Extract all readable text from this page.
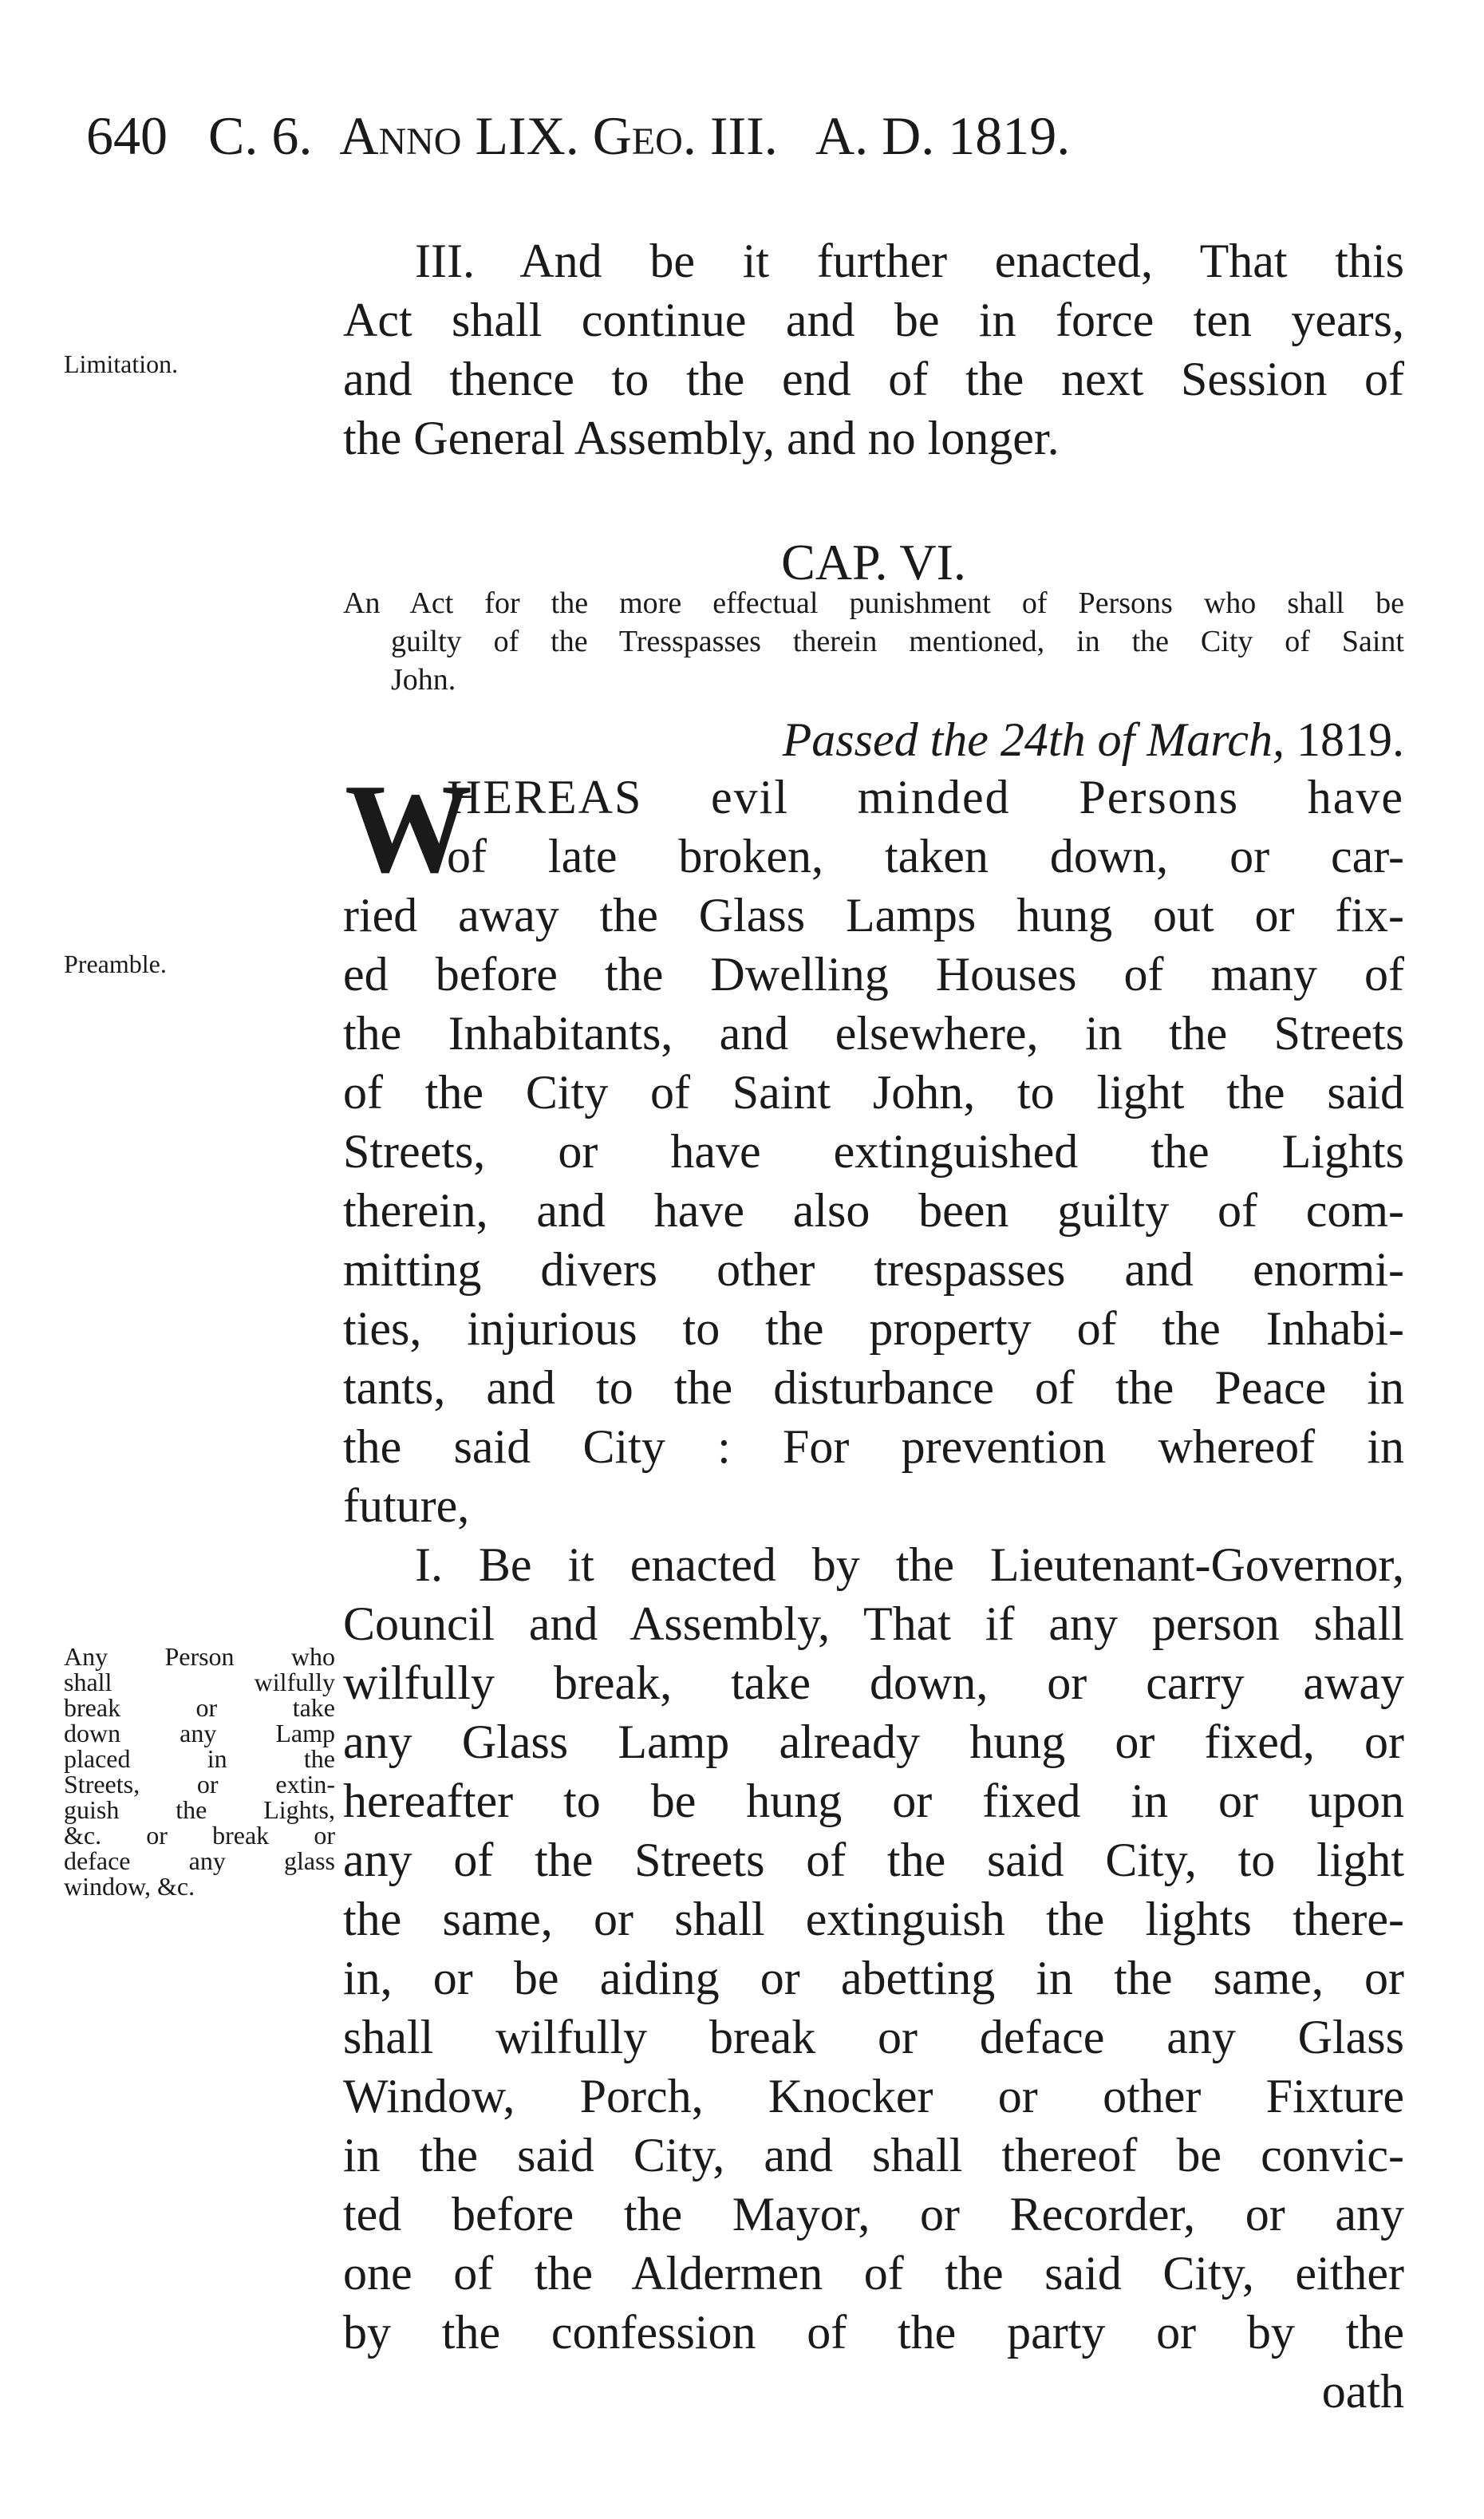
640 C. 6. Anno LIX. Geo. III. A. D. 1819.
III. And be it further enacted, That this
Act shall continue and be in force ten years,
and thence to the end of the next Session of
the General Assembly, and no longer.
Limitation.
CAP. VI.
An Act for the more effectual punishment of Persons who shall be
guilty of the Tresspasses therein mentioned, in the City of Saint
John.
Passed the 24th of March, 1819.
W
HEREAS evil minded Persons have
of late broken, taken down, or car-
ried away the Glass Lamps hung out or fix-
ed before the Dwelling Houses of many of
the Inhabitants, and elsewhere, in the Streets
of the City of Saint John, to light the said
Streets, or have extinguished the Lights
therein, and have also been guilty of com-
mitting divers other trespasses and enormi-
ties, injurious to the property of the Inhabi-
tants, and to the disturbance of the Peace in
the said City : For prevention whereof in
future,
Preamble.
I. Be it enacted by the Lieutenant-Governor,
Council and Assembly, That if any person shall
wilfully break, take down, or carry away
any Glass Lamp already hung or fixed, or
hereafter to be hung or fixed in or upon
any of the Streets of the said City, to light
the same, or shall extinguish the lights there-
in, or be aiding or abetting in the same, or
shall wilfully break or deface any Glass
Window, Porch, Knocker or other Fixture
in the said City, and shall thereof be convic-
ted before the Mayor, or Recorder, or any
one of the Aldermen of the said City, either
by the confession of the party or by the
oath
Any Person who
shall wilfully
break or take
down any Lamp
placed in the
Streets, or extin-
guish the Lights,
&c. or break or
deface any glass
window, &c.
